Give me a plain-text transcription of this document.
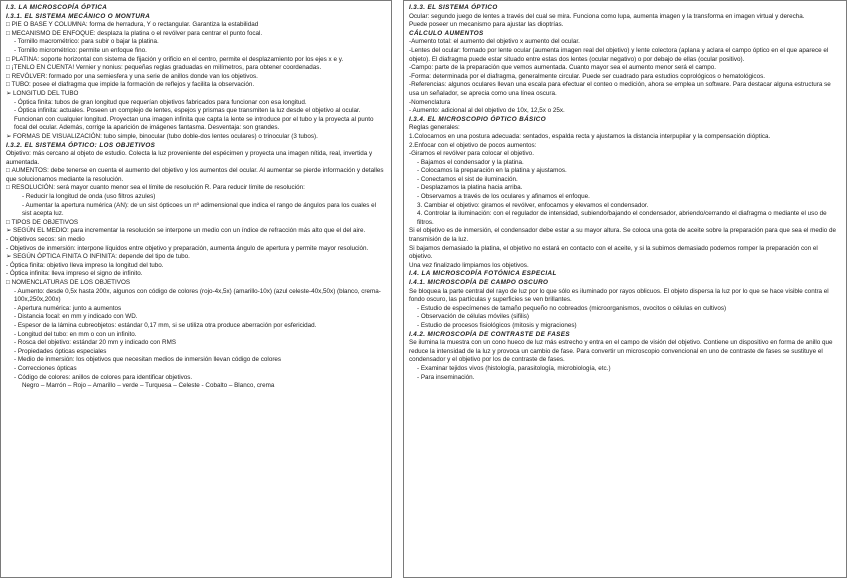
I.3. LA MICROSCOPÍA ÓPTICA
I.3.1. EL SISTEMA MECÁNICO O MONTURA
□ PIE O BASE Y COLUMNA: forma de herradura, Y o rectangular. Garantiza la estabilidad
□ MECANISMO DE ENFOQUE: desplaza la platina o el revólver para centrar el punto focal.
- Tornillo macrométrico: para subir o bajar la platina.
- Tornillo micrométrico: permite un enfoque fino.
□ PLATINA: soporte horizontal con sistema de fijación y orificio en el centro, permite el desplazamiento por los ejes x e y.
□ ¡TENLO EN CUENTA! Vernier y nonius: pequeñas reglas graduadas en milímetros, para obtener coordenadas.
□ REVÓLVER: formado por una semiesfera y una serie de anillos donde van los objetivos.
□ TUBO: posee el diafragma que impide la formación de reflejos y facilita la observación.
➢ LONGITUD DEL TUBO
- Óptica finita: tubos de gran longitud que requerían objetivos fabricados para funcionar con esa longitud.
- Óptica infinita: actuales. Poseen un complejo de lentes, espejos y prismas que transmiten la luz desde el objetivo al ocular. Funcionan con cualquier longitud. Proyectan una imagen infinita que capta la lente se introduce por el tubo y la proyecta al punto focal del ocular. Además, corrige la aparición de imágenes fantasma. Desventaja: son grandes.
➢ FORMAS DE VISUALIZACIÓN: tubo simple, binocular (tubo doble-dos lentes oculares) o trinocular (3 tubos).
I.3.2. EL SISTEMA ÓPTICO: LOS OBJETIVOS
Objetivo: más cercano al objeto de estudio. Colecta la luz proveniente del espécimen y proyecta una imagen nítida, real, invertida y aumentada.
□ AUMENTOS: debe tenerse en cuenta el aumento del objetivo y los aumentos del ocular. Al aumentar se pierde información y detalles que solucionamos mediante la resolución.
□ RESOLUCIÓN: será mayor cuanto menor sea el límite de resolución R. Para reducir límite de resolución:
- Reducir la longitud de onda (uso filtros azules)
- Aumentar la apertura numérica (AN): de un sist ópticoes un nº adimensional que indica el rango de ángulos para los cuales el sist acepta luz.
□ TIPOS DE OBJETIVOS
➢ SEGÚN EL MEDIO: para incrementar la resolución se interpone un medio con un índice de refracción más alto que el del aire.
- Objetivos secos: sin medio
- Objetivos de inmersión: interpone líquidos entre objetivo y preparación, aumenta ángulo de apertura y permite mayor resolución.
➢ SEGÚN ÓPTICA FINITA O INFINITA: depende del tipo de tubo.
- Óptica finita: objetivo lleva impreso la longitud del tubo.
- Óptica infinita: lleva impreso el signo de infinito.
□ NOMENCLATURAS DE LOS OBJETIVOS
- Aumento: desde 0,5x hasta 200x, algunos con código de colores (rojo-4x,5x) (amarillo-10x) (azul celeste-40x,50x) (blanco, crema-100x,250x,200x)
- Apertura numérica: junto a aumentos
- Distancia focal: en mm y indicado con WD.
- Espesor de la lámina cubreobjetos: estándar 0,17 mm, si se utiliza otra produce aberración por esfericidad.
- Longitud del tubo: en mm o con un infinito.
- Rosca del objetivo: estándar 20 mm y indicado con RMS
- Propiedades ópticas especiales
- Medio de inmersión: los objetivos que necesitan medios de inmersión llevan código de colores
- Correcciones ópticas
- Código de colores: anillos de colores para identificar objetivos.
Negro – Marrón – Rojo – Amarillo – verde – Turquesa – Celeste - Cobalto – Blanco, crema
I.3.3. EL SISTEMA ÓPTICO
Ocular: segundo juego de lentes a través del cual se mira. Funciona como lupa, aumenta imagen y la transforma en imagen virtual y derecha.
Puede poseer un mecanismo para ajustar las dioptrías.
CÁLCULO AUMENTOS
-Aumento total: el aumento del objetivo x aumento del ocular.
-Lentes del ocular: formado por lente ocular (aumenta imagen real del objetivo) y lente colectora (aplana y aclara el campo óptico en el que aparece el objeto). El diafragma puede estar situado entre estas dos lentes (ocular negativo) o por debajo de ellas (ocular positivo).
-Campo: parte de la preparación que vemos aumentada. Cuanto mayor sea el aumento menor será el campo.
-Forma: determinada por el diafragma, generalmente circular. Puede ser cuadrado para estudios coprológicos o hematológicos.
-Referencias: algunos oculares llevan una escala para efectuar el conteo o medición, ahora se emplea un software. Para destacar alguna estructura se usa un señalador, se aprecia como una línea oscura.
-Nomenclatura
- Aumento: adicional al del objetivo de 10x, 12,5x o 25x.
I.3.4. EL MICROSCOPIO ÓPTICO BÁSICO
Reglas generales:
1.Colocarnos en una postura adecuada: sentados, espalda recta y ajustamos la distancia interpupilar y la compensación dióptica.
2.Enfocar con el objetivo de pocos aumentos:
-Giramos el revólver para colocar el objetivo.
- Bajamos el condensador y la platina.
- Colocamos la preparación en la platina y ajustamos.
- Conectamos el sist de iluminación.
- Desplazamos la platina hacia arriba.
- Observamos a través de los oculares y afinamos el enfoque.
3. Cambiar el objetivo: giramos el revólver, enfocamos y elevamos el condensador.
4. Controlar la iluminación: con el regulador de intensidad, subiendo/bajando el condensador, abriendo/cerrando el diafragma o mediante el uso de filtros.
Si el objetivo es de inmersión, el condensador debe estar a su mayor altura. Se coloca una gota de aceite sobre la preparación para que sea el medio de transmisión de la luz.
Si bajamos demasiado la platina, el objetivo no estará en contacto con el aceite, y si la subimos demasiado podemos romper la preparación con el objetivo.
Una vez finalizado limpiamos los objetivos.
I.4. LA MICROSCOPÍA FOTÓNICA ESPECIAL
I.4.1. MICROSCOPÍA DE CAMPO OSCURO
Se bloquea la parte central del rayo de luz por lo que sólo es iluminado por rayos oblicuos. El objeto dispersa la luz por lo que se hace visible contra el fondo oscuro, las partículas y superficies se ven brillantes.
- Estudio de especímenes de tamaño pequeño no cobreados (microorganismos, ovocitos o células en cultivos)
- Observación de células móviles (sifilis)
- Estudio de procesos fisiológicos (mitosis y migraciones)
I.4.2. MICROSCOPÍA DE CONTRASTE DE FASES
Se ilumina la muestra con un cono hueco de luz más estrecho y entra en el campo de visión del objetivo. Contiene un dispositivo en forma de anillo que reduce la intensidad de la luz y provoca un cambio de fase. Para convertir un microscopio convencional en uno de contraste de fases se sustituye el condensador y el objetivo por los de contraste de fases.
- Examinar tejidos vivos (histología, parasitología, microbiología, etc.)
- Para inseminación.
